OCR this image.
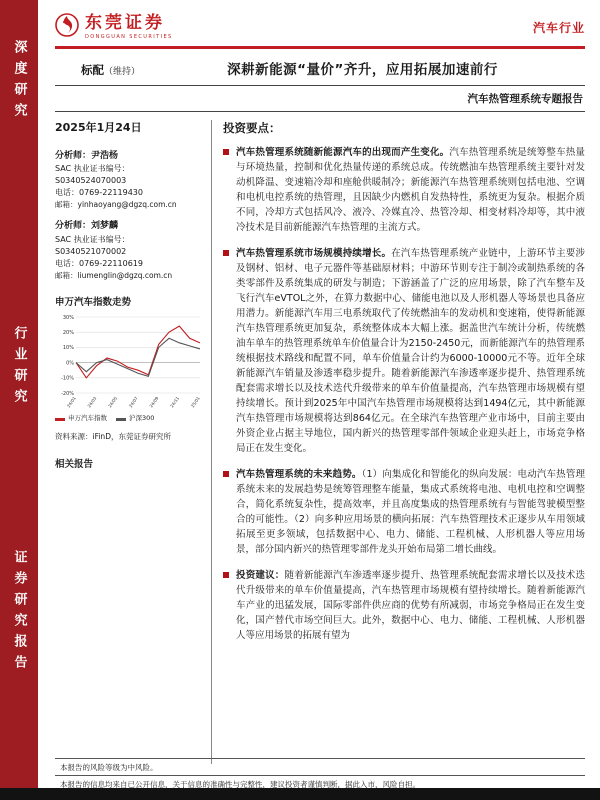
深度研究
行业研究
证券研究报告
东莞证券
DONGGUAN SECURITIES
汽车行业
标配（维持）	深耕新能源“量价”齐升，应用拓展加速前行
汽车热管理系统专题报告
2025年1月24日
分析师：尹浩杨
SAC 执业证书编号：
S0340524070003
电话：0769-22119430
邮箱：yinhaoyang@dgzq.com.cn
分析师：刘梦麟
SAC 执业证书编号：
S0340521070002
电话：0769-22110619
邮箱：liumenglin@dgzq.com.cn
申万汽车指数走势
-20%
-10%
0%
10%
20%
30%
24/01 24/03 24/05 24/07 24/09 24/11 25/01
申万汽车指数	沪深300
资料来源：iFinD，东莞证券研究所
相关报告
投资要点：
汽车热管理系统随新能源汽车的出现而产生变化。汽车热管理系统是统筹整车热量与环境热量，控制和优化热量传递的系统总成。传统燃油车热管理系统主要针对发动机降温、变速箱冷却和座舱供暖制冷；新能源汽车热管理系统则包括电池、空调和电机电控系统的热管理，且因缺少内燃机自发热特性，系统更为复杂。根据介质不同，冷却方式包括风冷、液冷、冷媒直冷、热管冷却、相变材料冷却等，其中液冷技术是目前新能源汽车热管理的主流方式。
汽车热管理系统市场规模持续增长。在汽车热管理系统产业链中，上游环节主要涉及钢材、铝材、电子元器件等基础原材料；中游环节则专注于制冷或制热系统的各类零部件及系统集成的研发与制造；下游涵盖了广泛的应用场景，除了汽车整车及飞行汽车eVTOL之外，在算力数据中心、储能电池以及人形机器人等场景也具备应用潜力。新能源汽车用三电系统取代了传统燃油车的发动机和变速箱，使得新能源汽车热管理系统更加复杂，系统整体成本大幅上涨。据盖世汽车统计分析，传统燃油车单车的热管理系统单车价值量合计为2150-2450元，而新能源汽车的热管理系统根据技术路线和配置不同，单车价值量合计约为6000-10000元不等。近年全球新能源汽车销量及渗透率稳步提升。随着新能源汽车渗透率逐步提升、热管理系统配套需求增长以及技术迭代升级带来的单车价值量提高，汽车热管理市场规模有望持续增长。预计到2025年中国汽车热管理市场规模将达到1494亿元，其中新能源汽车热管理市场规模将达到864亿元。在全球汽车热管理产业市场中，目前主要由外资企业占据主导地位，国内新兴的热管理零部件领域企业迎头赶上，市场竞争格局正在发生变化。
汽车热管理系统的未来趋势。（1）向集成化和智能化的纵向发展：电动汽车热管理系统未来的发展趋势是统筹管理整车能量，集成式系统将电池、电机电控和空调整合，简化系统复杂性，提高效率，并且高度集成的热管理系统有与智能驾驶模型整合的可能性。（2）向多种应用场景的横向拓展：汽车热管理技术正逐步从车用领域拓展至更多领域，包括数据中心、电力、储能、工程机械、人形机器人等应用场景，部分国内新兴的热管理零部件龙头开始布局第二增长曲线。
投资建议：随着新能源汽车渗透率逐步提升、热管理系统配套需求增长以及技术迭代升级带来的单车价值量提高，汽车热管理市场规模有望持续增长。随着新能源汽车产业的迅猛发展，国际零部件供应商的优势有所减弱，市场竞争格局正在发生变化，国产替代市场空间巨大。此外，数据中心、电力、储能、工程机械、人形机器人等应用场景的拓展有望为
本报告的风险等级为中风险。
本报告的信息均来自已公开信息，关于信息的准确性与完整性，建议投资者谨慎判断，据此入市，风险自担。
